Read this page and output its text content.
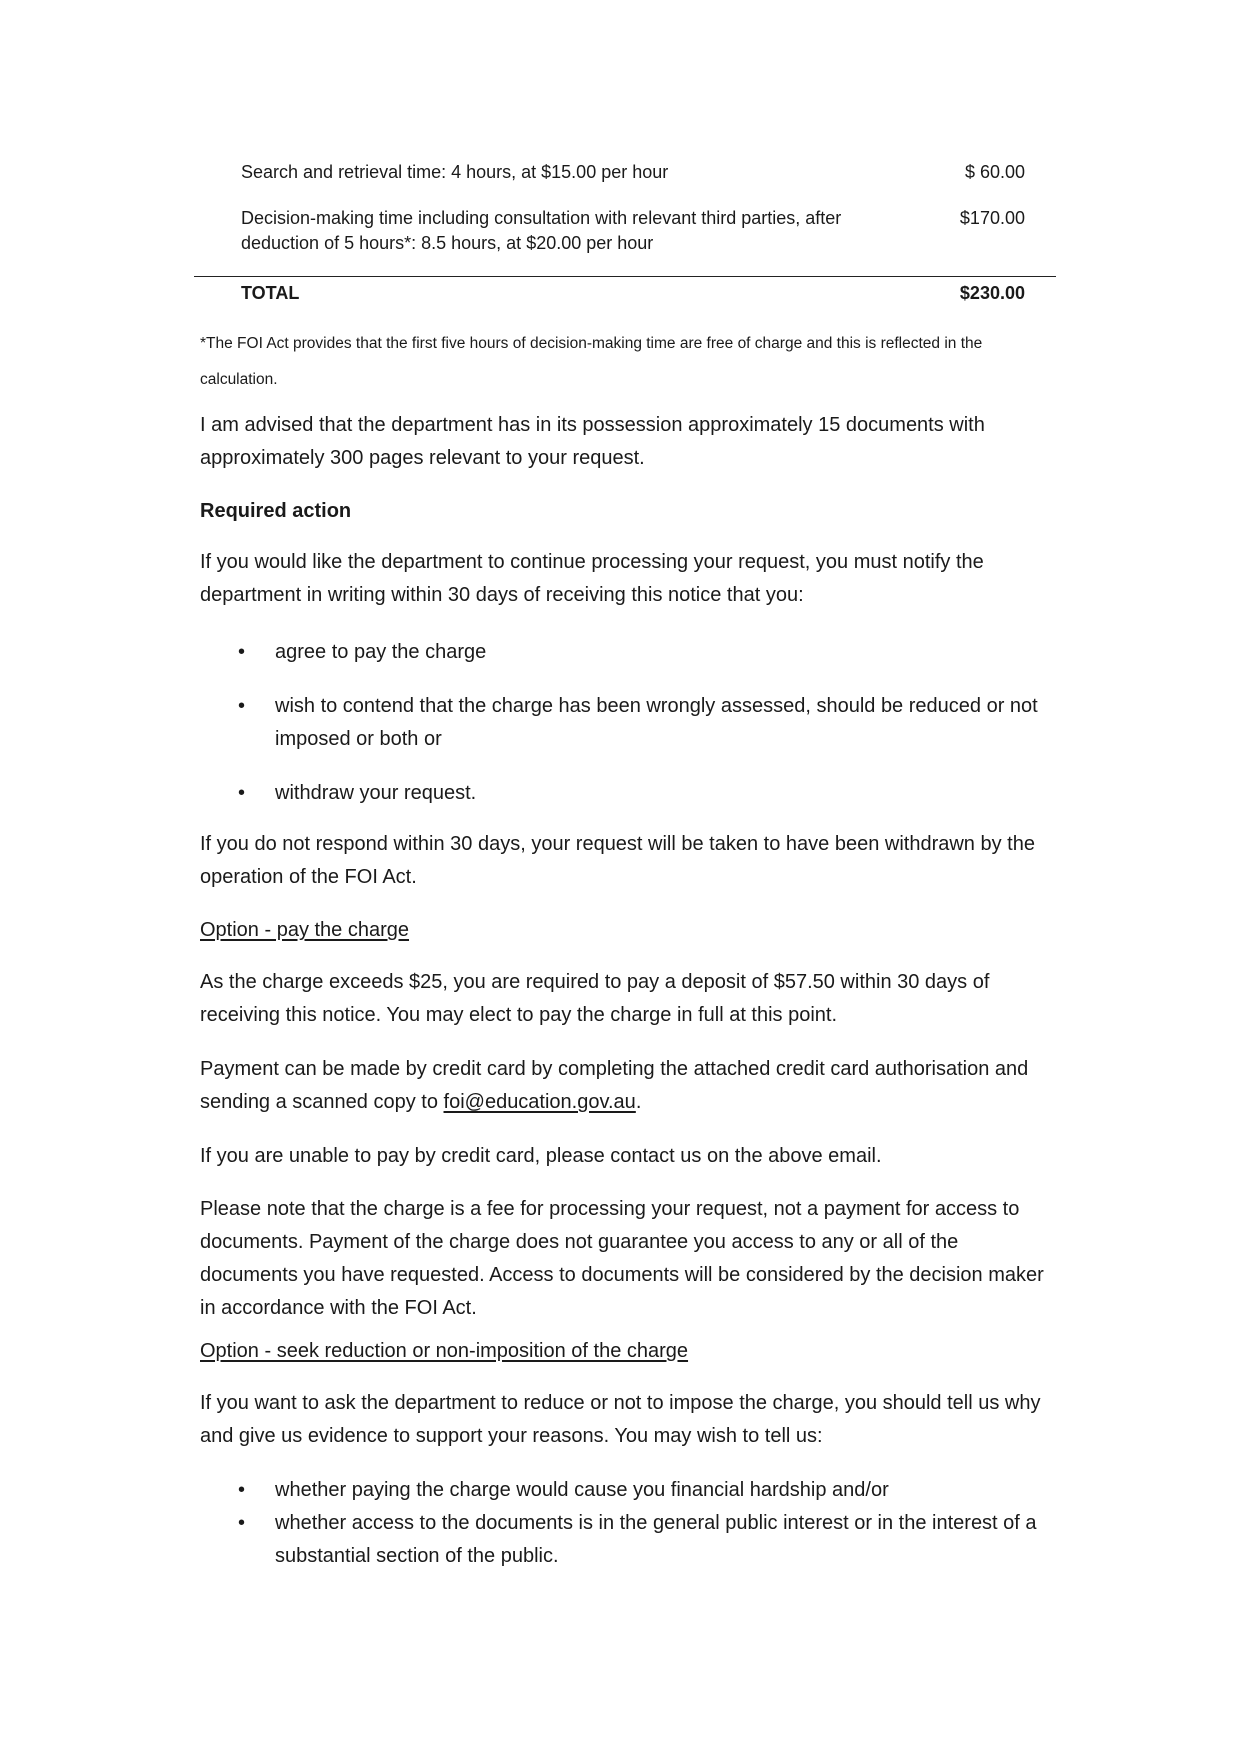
Search and retrieval time: 4 hours, at $15.00 per hour	$ 60.00
Decision-making time including consultation with relevant third parties, after deduction of 5 hours*: 8.5 hours, at $20.00 per hour
$170.00
TOTAL	$230.00
*The FOI Act provides that the first five hours of decision-making time are free of charge and this is reflected in the calculation.
I am advised that the department has in its possession approximately 15 documents with approximately 300 pages relevant to your request.
Required action
If you would like the department to continue processing your request, you must notify the department in writing within 30 days of receiving this notice that you:
• agree to pay the charge
• wish to contend that the charge has been wrongly assessed, should be reduced or not imposed or both or
• withdraw your request.
If you do not respond within 30 days, your request will be taken to have been withdrawn by the operation of the FOI Act.
Option - pay the charge
As the charge exceeds $25, you are required to pay a deposit of $57.50 within 30 days of receiving this notice. You may elect to pay the charge in full at this point.
Payment can be made by credit card by completing the attached credit card authorisation and sending a scanned copy to foi@education.gov.au.
If you are unable to pay by credit card, please contact us on the above email.
Please note that the charge is a fee for processing your request, not a payment for access to documents. Payment of the charge does not guarantee you access to any or all of the documents you have requested. Access to documents will be considered by the decision maker in accordance with the FOI Act.
Option - seek reduction or non-imposition of the charge
If you want to ask the department to reduce or not to impose the charge, you should tell us why and give us evidence to support your reasons. You may wish to tell us:
• whether paying the charge would cause you financial hardship and/or
• whether access to the documents is in the general public interest or in the interest of a substantial section of the public.
